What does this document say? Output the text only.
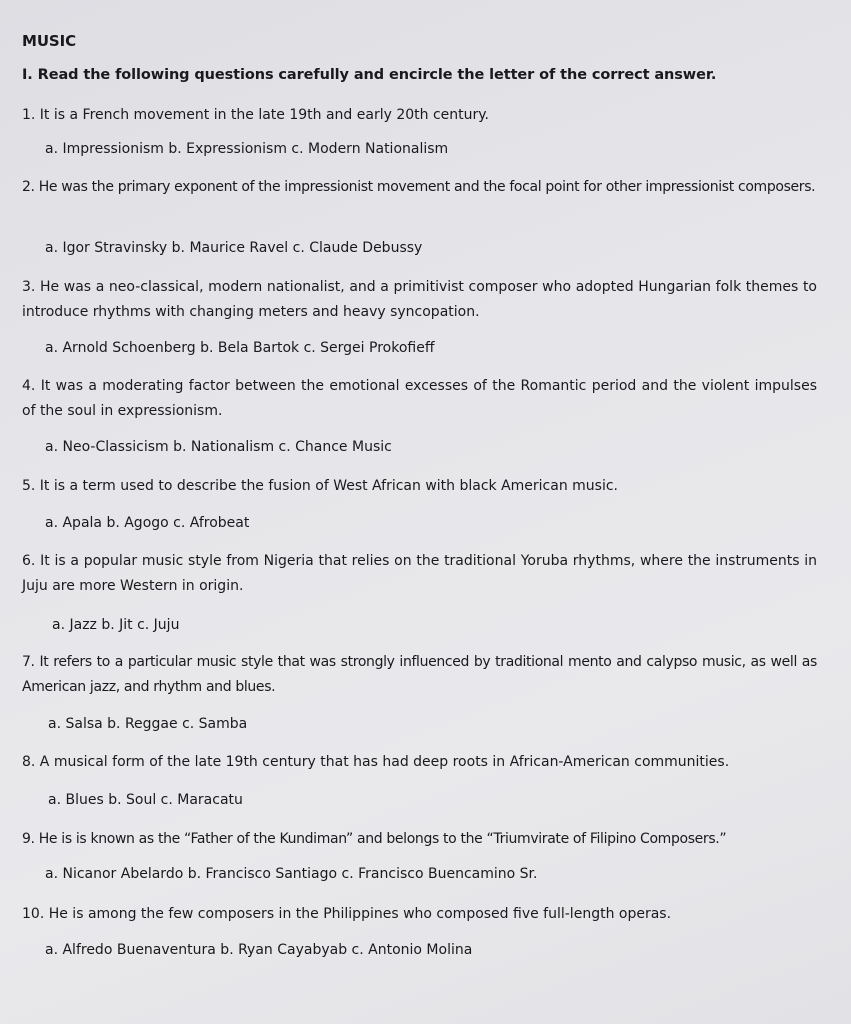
MUSIC
I. Read the following questions carefully and encircle the letter of the correct answer.
1. It is a French movement in the late 19th and early 20th century.
a. Impressionism b. Expressionism c. Modern Nationalism
2. He was the primary exponent of the impressionist movement and the focal point for other impressionist composers.
a. Igor Stravinsky b. Maurice Ravel c. Claude Debussy
3. He was a neo-classical, modern nationalist, and a primitivist composer who adopted Hungarian folk themes to introduce rhythms with changing meters and heavy syncopation.
a. Arnold Schoenberg b. Bela Bartok c. Sergei Prokofieff
4. It was a moderating factor between the emotional excesses of the Romantic period and the violent impulses of the soul in expressionism.
a. Neo-Classicism b. Nationalism c. Chance Music
5. It is a term used to describe the fusion of West African with black American music.
a. Apala b. Agogo c. Afrobeat
6. It is a popular music style from Nigeria that relies on the traditional Yoruba rhythms, where the instruments in Juju are more Western in origin.
a. Jazz b. Jit c. Juju
7. It refers to a particular music style that was strongly influenced by traditional mento and calypso music, as well as American jazz, and rhythm and blues.
a. Salsa b. Reggae c. Samba
8. A musical form of the late 19th century that has had deep roots in African-American communities.
a. Blues b. Soul c. Maracatu
9. He is is known as the “Father of the Kundiman” and belongs to the “Triumvirate of Filipino Composers.”
a. Nicanor Abelardo b. Francisco Santiago c. Francisco Buencamino Sr.
10. He is among the few composers in the Philippines who composed five full-length operas.
a. Alfredo Buenaventura b. Ryan Cayabyab c. Antonio Molina
